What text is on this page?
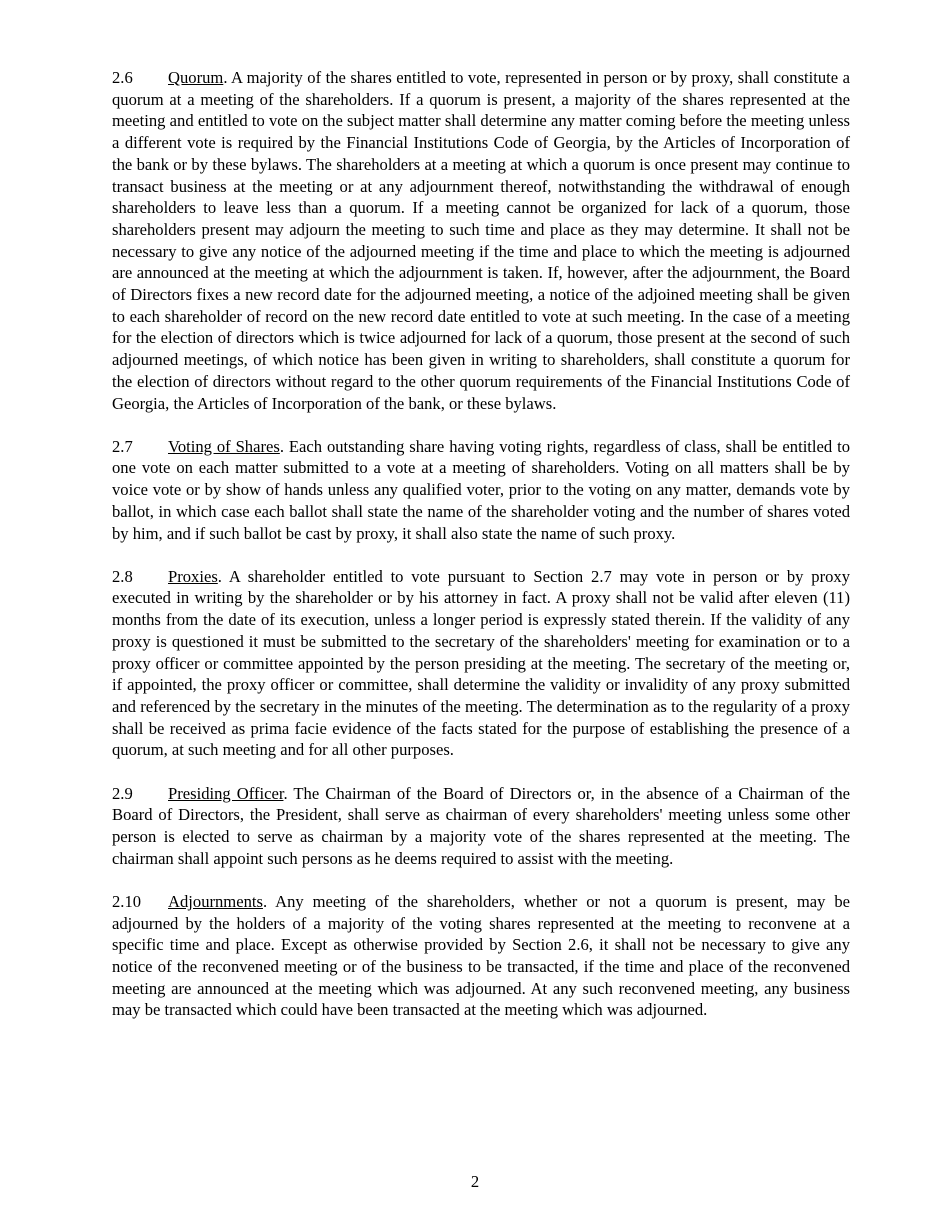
2.6 Quorum. A majority of the shares entitled to vote, represented in person or by proxy, shall constitute a quorum at a meeting of the shareholders. If a quorum is present, a majority of the shares represented at the meeting and entitled to vote on the subject matter shall determine any matter coming before the meeting unless a different vote is required by the Financial Institutions Code of Georgia, by the Articles of Incorporation of the bank or by these bylaws. The shareholders at a meeting at which a quorum is once present may continue to transact business at the meeting or at any adjournment thereof, notwithstanding the withdrawal of enough shareholders to leave less than a quorum. If a meeting cannot be organized for lack of a quorum, those shareholders present may adjourn the meeting to such time and place as they may determine. It shall not be necessary to give any notice of the adjourned meeting if the time and place to which the meeting is adjourned are announced at the meeting at which the adjournment is taken. If, however, after the adjournment, the Board of Directors fixes a new record date for the adjourned meeting, a notice of the adjoined meeting shall be given to each shareholder of record on the new record date entitled to vote at such meeting. In the case of a meeting for the election of directors which is twice adjourned for lack of a quorum, those present at the second of such adjourned meetings, of which notice has been given in writing to shareholders, shall constitute a quorum for the election of directors without regard to the other quorum requirements of the Financial Institutions Code of Georgia, the Articles of Incorporation of the bank, or these bylaws.

2.7 Voting of Shares. Each outstanding share having voting rights, regardless of class, shall be entitled to one vote on each matter submitted to a vote at a meeting of shareholders. Voting on all matters shall be by voice vote or by show of hands unless any qualified voter, prior to the voting on any matter, demands vote by ballot, in which case each ballot shall state the name of the shareholder voting and the number of shares voted by him, and if such ballot be cast by proxy, it shall also state the name of such proxy.

2.8 Proxies. A shareholder entitled to vote pursuant to Section 2.7 may vote in person or by proxy executed in writing by the shareholder or by his attorney in fact. A proxy shall not be valid after eleven (11) months from the date of its execution, unless a longer period is expressly stated therein. If the validity of any proxy is questioned it must be submitted to the secretary of the shareholders' meeting for examination or to a proxy officer or committee appointed by the person presiding at the meeting. The secretary of the meeting or, if appointed, the proxy officer or committee, shall determine the validity or invalidity of any proxy submitted and referenced by the secretary in the minutes of the meeting. The determination as to the regularity of a proxy shall be received as prima facie evidence of the facts stated for the purpose of establishing the presence of a quorum, at such meeting and for all other purposes.

2.9 Presiding Officer. The Chairman of the Board of Directors or, in the absence of a Chairman of the Board of Directors, the President, shall serve as chairman of every shareholders' meeting unless some other person is elected to serve as chairman by a majority vote of the shares represented at the meeting. The chairman shall appoint such persons as he deems required to assist with the meeting.

2.10 Adjournments. Any meeting of the shareholders, whether or not a quorum is present, may be adjourned by the holders of a majority of the voting shares represented at the meeting to reconvene at a specific time and place. Except as otherwise provided by Section 2.6, it shall not be necessary to give any notice of the reconvened meeting or of the business to be transacted, if the time and place of the reconvened meeting are announced at the meeting which was adjourned. At any such reconvened meeting, any business may be transacted which could have been transacted at the meeting which was adjourned.

2
